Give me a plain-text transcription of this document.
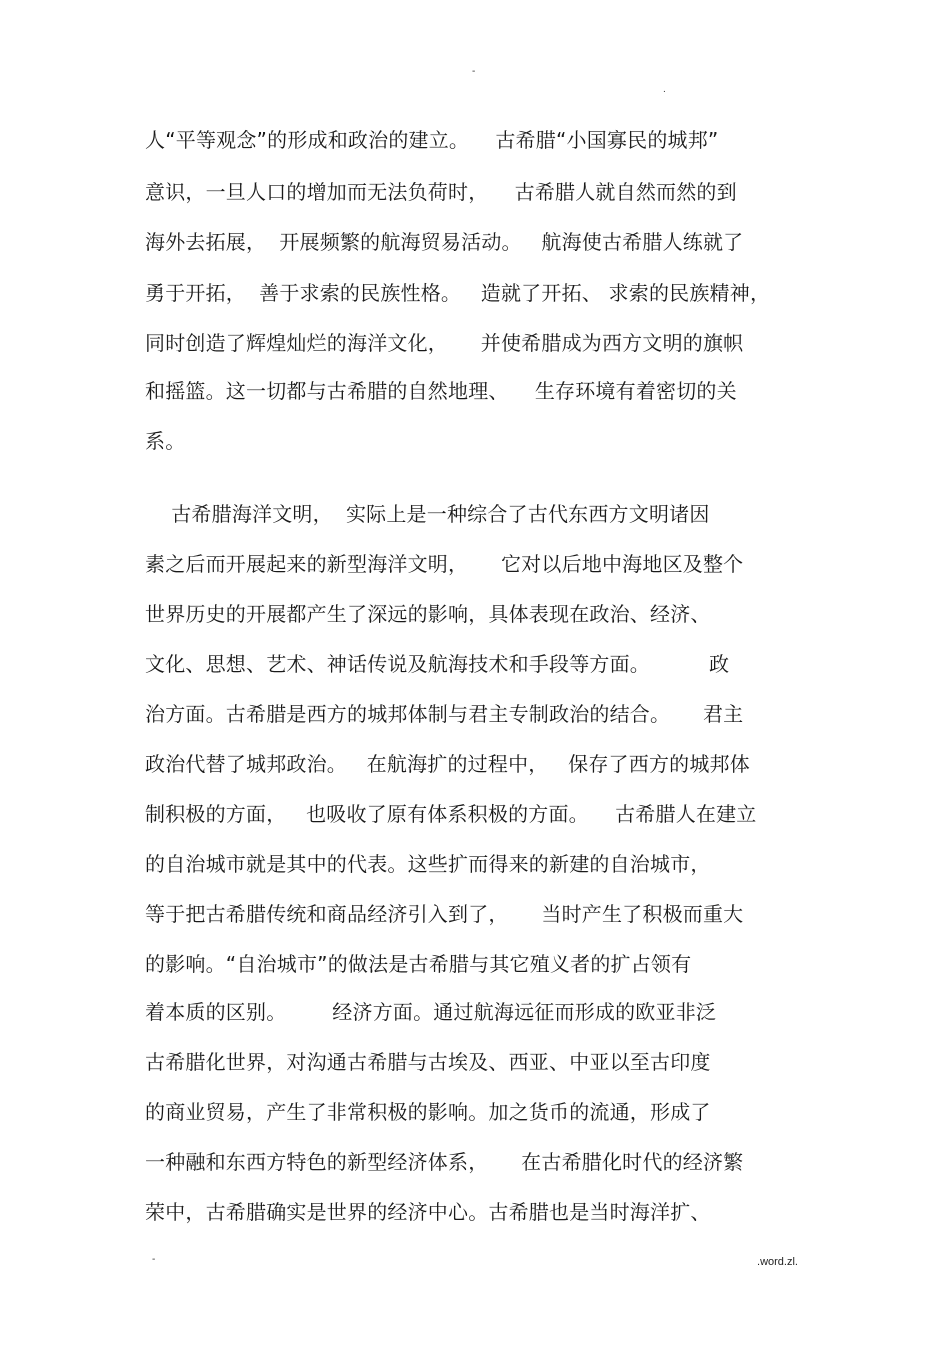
-
.
人“平等观念”的形成和政治的建立。    古希腊“小国寡民的城邦”
意识，一旦人口的增加而无法负荷时，    古希腊人就自然而然的到
海外去拓展，  开展频繁的航海贸易活动。   航海使古希腊人练就了
勇于开拓，  善于求索的民族性格。   造就了开拓、 求索的民族精神，
同时创造了辉煌灿烂的海洋文化，     并使希腊成为西方文明的旗帜
和摇篮。这一切都与古希腊的自然地理、    生存环境有着密切的关
系。
古希腊海洋文明，  实际上是一种综合了古代东西方文明诸因
素之后而开展起来的新型海洋文明，     它对以后地中海地区及整个
世界历史的开展都产生了深远的影响，具体表现在政治、经济、
文化、思想、艺术、神话传说及航海技术和手段等方面。         政
治方面。古希腊是西方的城邦体制与君主专制政治的结合。     君主
政治代替了城邦政治。   在航海扩的过程中，   保存了西方的城邦体
制积极的方面，   也吸收了原有体系积极的方面。    古希腊人在建立
的自治城市就是其中的代表。这些扩而得来的新建的自治城市，
等于把古希腊传统和商品经济引入到了，     当时产生了积极而重大
的影响。“自治城市”的做法是古希腊与其它殖义者的扩占领有
着本质的区别。       经济方面。通过航海远征而形成的欧亚非泛
古希腊化世界，对沟通古希腊与古埃及、西亚、中亚以至古印度
的商业贸易，产生了非常积极的影响。加之货币的流通，形成了
一种融和东西方特色的新型经济体系，     在古希腊化时代的经济繁
荣中，古希腊确实是世界的经济中心。古希腊也是当时海洋扩、
-	.word.zl.
